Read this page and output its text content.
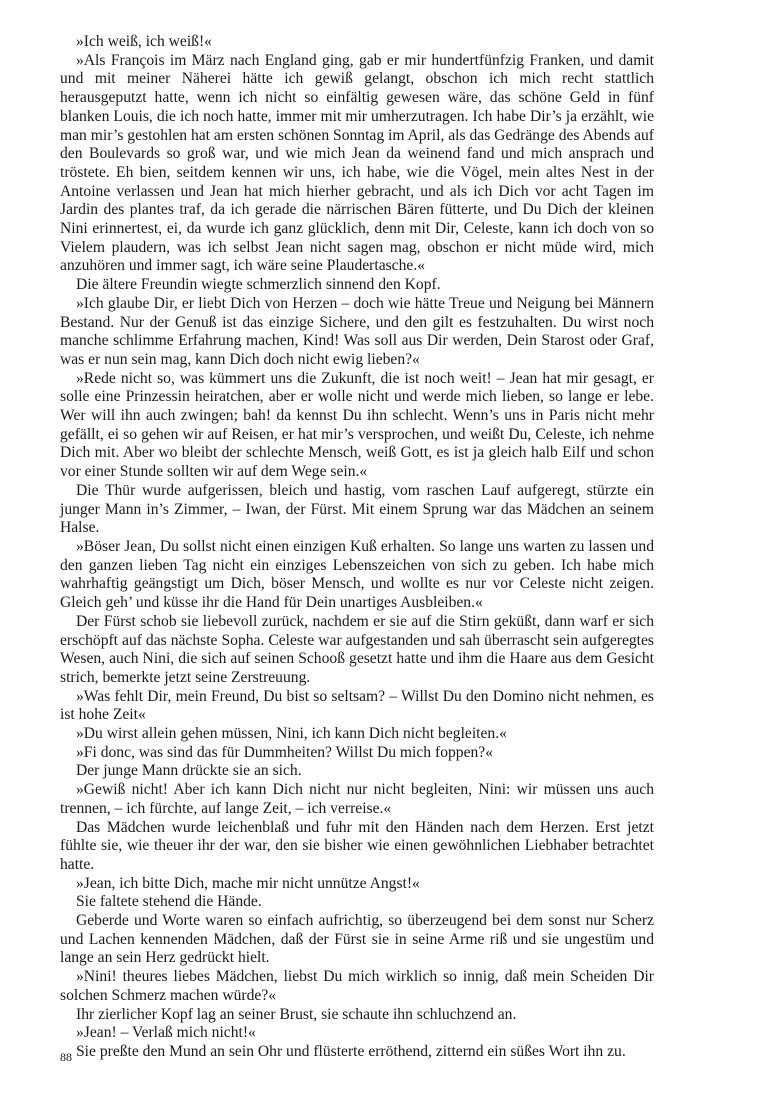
»Ich weiß, ich weiß!«

»Als François im März nach England ging, gab er mir hundertfünfzig Franken, und damit und mit meiner Näherei hätte ich gewiß gelangt, obschon ich mich recht stattlich herausgeputzt hatte, wenn ich nicht so einfältig gewesen wäre, das schöne Geld in fünf blanken Louis, die ich noch hatte, immer mit mir umherzutragen. Ich habe Dir’s ja erzählt, wie man mir’s gestohlen hat am ersten schönen Sonntag im April, als das Gedränge des Abends auf den Boulevards so groß war, und wie mich Jean da weinend fand und mich ansprach und tröstete. Eh bien, seitdem kennen wir uns, ich habe, wie die Vögel, mein altes Nest in der Antoine verlassen und Jean hat mich hierher gebracht, und als ich Dich vor acht Tagen im Jardin des plantes traf, da ich gerade die närrischen Bären fütterte, und Du Dich der kleinen Nini erinnertest, ei, da wurde ich ganz glücklich, denn mit Dir, Celeste, kann ich doch von so Vielem plaudern, was ich selbst Jean nicht sagen mag, obschon er nicht müde wird, mich anzuhören und immer sagt, ich wäre seine Plaudertasche.«

Die ältere Freundin wiegte schmerzlich sinnend den Kopf.

»Ich glaube Dir, er liebt Dich von Herzen – doch wie hätte Treue und Neigung bei Männern Bestand. Nur der Genuß ist das einzige Sichere, und den gilt es festzuhalten. Du wirst noch manche schlimme Erfahrung machen, Kind! Was soll aus Dir werden, Dein Starost oder Graf, was er nun sein mag, kann Dich doch nicht ewig lieben?«

»Rede nicht so, was kümmert uns die Zukunft, die ist noch weit! – Jean hat mir gesagt, er solle eine Prinzessin heiratchen, aber er wolle nicht und werde mich lieben, so lange er lebe. Wer will ihn auch zwingen; bah! da kennst Du ihn schlecht. Wenn’s uns in Paris nicht mehr gefällt, ei so gehen wir auf Reisen, er hat mir’s versprochen, und weißt Du, Celeste, ich nehme Dich mit. Aber wo bleibt der schlechte Mensch, weiß Gott, es ist ja gleich halb Eilf und schon vor einer Stunde sollten wir auf dem Wege sein.«

Die Thür wurde aufgerissen, bleich und hastig, vom raschen Lauf aufgeregt, stürzte ein junger Mann in’s Zimmer, – Iwan, der Fürst. Mit einem Sprung war das Mädchen an seinem Halse.

»Böser Jean, Du sollst nicht einen einzigen Kuß erhalten. So lange uns warten zu lassen und den ganzen lieben Tag nicht ein einziges Lebenszeichen von sich zu geben. Ich habe mich wahrhaftig geängstigt um Dich, böser Mensch, und wollte es nur vor Celeste nicht zeigen. Gleich geh’ und küsse ihr die Hand für Dein unartiges Ausbleiben.«

Der Fürst schob sie liebevoll zurück, nachdem er sie auf die Stirn geküßt, dann warf er sich erschöpft auf das nächste Sopha. Celeste war aufgestanden und sah überrascht sein aufgeregtes Wesen, auch Nini, die sich auf seinen Schooß gesetzt hatte und ihm die Haare aus dem Gesicht strich, bemerkte jetzt seine Zerstreuung.

»Was fehlt Dir, mein Freund, Du bist so seltsam? – Willst Du den Domino nicht nehmen, es ist hohe Zeit«

»Du wirst allein gehen müssen, Nini, ich kann Dich nicht begleiten.«

»Fi donc, was sind das für Dummheiten? Willst Du mich foppen?«

Der junge Mann drückte sie an sich.

»Gewiß nicht! Aber ich kann Dich nicht nur nicht begleiten, Nini: wir müssen uns auch trennen, – ich fürchte, auf lange Zeit, – ich verreise.«

Das Mädchen wurde leichenblaß und fuhr mit den Händen nach dem Herzen. Erst jetzt fühlte sie, wie theuer ihr der war, den sie bisher wie einen gewöhnlichen Liebhaber betrachtet hatte.

»Jean, ich bitte Dich, mache mir nicht unnütze Angst!«

Sie faltete stehend die Hände.

Geberde und Worte waren so einfach aufrichtig, so überzeugend bei dem sonst nur Scherz und Lachen kennenden Mädchen, daß der Fürst sie in seine Arme riß und sie ungestüm und lange an sein Herz gedrückt hielt.

»Nini! theures liebes Mädchen, liebst Du mich wirklich so innig, daß mein Scheiden Dir solchen Schmerz machen würde?«

Ihr zierlicher Kopf lag an seiner Brust, sie schaute ihn schluchzend an.

»Jean! – Verlaß mich nicht!«

Sie preßte den Mund an sein Ohr und flüsterte erröthend, zitternd ein süßes Wort ihn zu.

88
